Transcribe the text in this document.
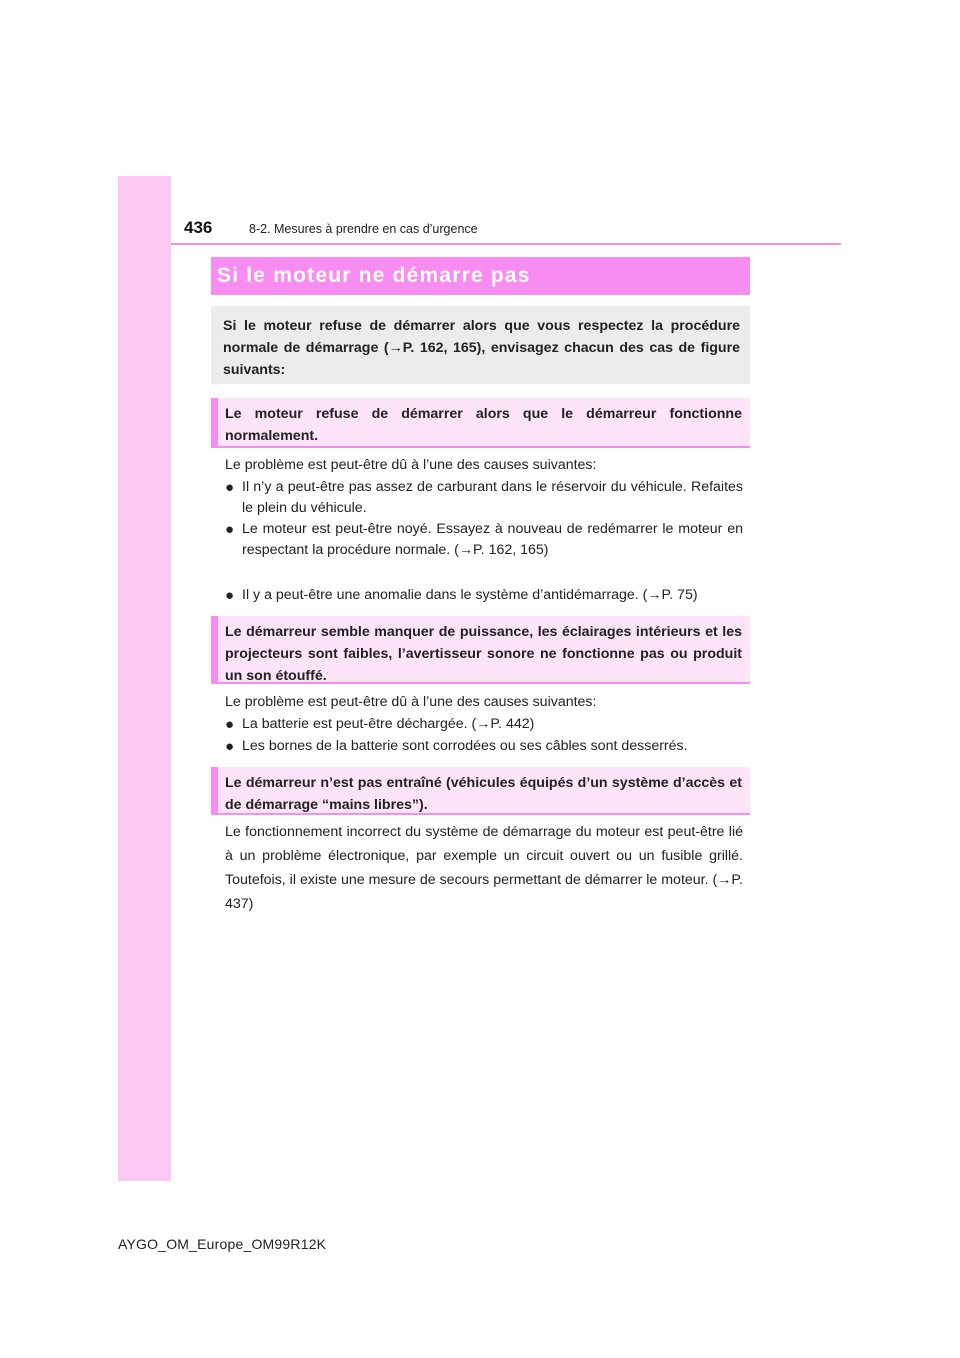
436	8-2. Mesures à prendre en cas d’urgence
Si le moteur ne démarre pas
Si le moteur refuse de démarrer alors que vous respectez la procédure normale de démarrage (→P. 162, 165), envisagez chacun des cas de figure suivants:
Le moteur refuse de démarrer alors que le démarreur fonctionne normalement.
Le problème est peut-être dû à l’une des causes suivantes:
● Il n’y a peut-être pas assez de carburant dans le réservoir du véhicule. Refaites le plein du véhicule.
● Le moteur est peut-être noyé. Essayez à nouveau de redémarrer le moteur en respectant la procédure normale. (→P. 162, 165)
● Il y a peut-être une anomalie dans le système d’antidémarrage. (→P. 75)
Le démarreur semble manquer de puissance, les éclairages intérieurs et les projecteurs sont faibles, l’avertisseur sonore ne fonctionne pas ou produit un son étouffé.
Le problème est peut-être dû à l’une des causes suivantes:
● La batterie est peut-être déchargée. (→P. 442)
● Les bornes de la batterie sont corrodées ou ses câbles sont desserrés.
Le démarreur n’est pas entraîné (véhicules équipés d’un système d’accès et de démarrage “mains libres”).
Le fonctionnement incorrect du système de démarrage du moteur est peut-être lié à un problème électronique, par exemple un circuit ouvert ou un fusible grillé. Toutefois, il existe une mesure de secours permettant de démarrer le moteur. (→P. 437)
AYGO_OM_Europe_OM99R12K
